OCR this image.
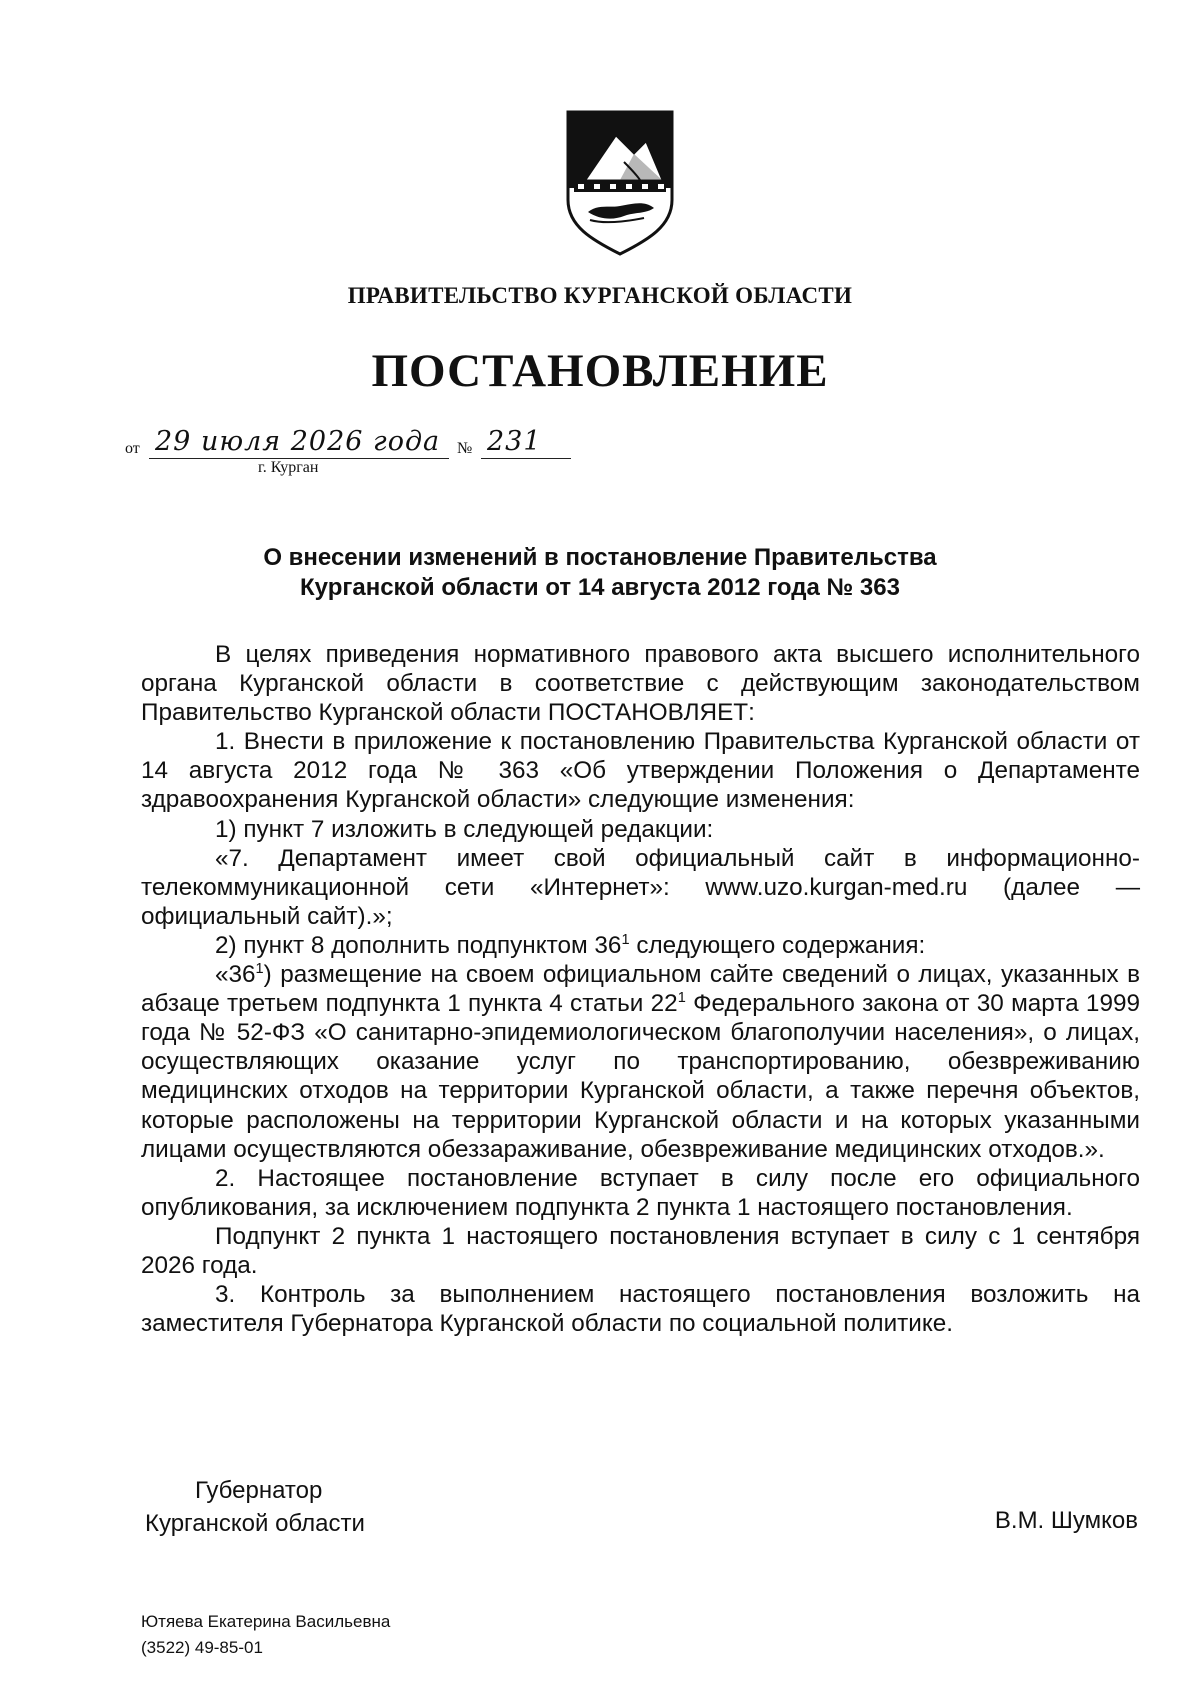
ПРАВИТЕЛЬСТВО КУРГАНСКОЙ ОБЛАСТИ
ПОСТАНОВЛЕНИЕ
от 29 июля 2026 года № 231
г. Курган
О внесении изменений в постановление Правительства
Курганской области от 14 августа 2012 года № 363

В целях приведения нормативного правового акта высшего исполнительного органа Курганской области в соответствие с действующим законодательством Правительство Курганской области ПОСТАНОВЛЯЕТ:

1. Внести в приложение к постановлению Правительства Курганской области от 14 августа 2012 года № 363 «Об утверждении Положения о Департаменте здравоохранения Курганской области» следующие изменения:

1) пункт 7 изложить в следующей редакции:

«7. Департамент имеет свой официальный сайт в информационно-телекоммуникационной сети «Интернет»: www.uzo.kurgan-med.ru (далее — официальный сайт).»;

2) пункт 8 дополнить подпунктом $36^1$ следующего содержания:

«$36^1$) размещение на своем официальном сайте сведений о лицах, указанных в абзаце третьем подпункта 1 пункта 4 статьи $22^1$ Федерального закона от 30 марта 1999 года № 52-ФЗ «О санитарно-эпидемиологическом благополучии населения», о лицах, осуществляющих оказание услуг по транспортированию, обезвреживанию медицинских отходов на территории Курганской области, а также перечня объектов, которые расположены на территории Курганской области и на которых указанными лицами осуществляются обеззараживание, обезвреживание медицинских отходов.».

2. Настоящее постановление вступает в силу после его официального опубликования, за исключением подпункта 2 пункта 1 настоящего постановления.

Подпункт 2 пункта 1 настоящего постановления вступает в силу с 1 сентября 2026 года.

3. Контроль за выполнением настоящего постановления возложить на заместителя Губернатора Курганской области по социальной политике.

Губернатор
Курганской области	В.М. Шумков
Ютяева Екатерина Васильевна
(3522) 49-85-01
